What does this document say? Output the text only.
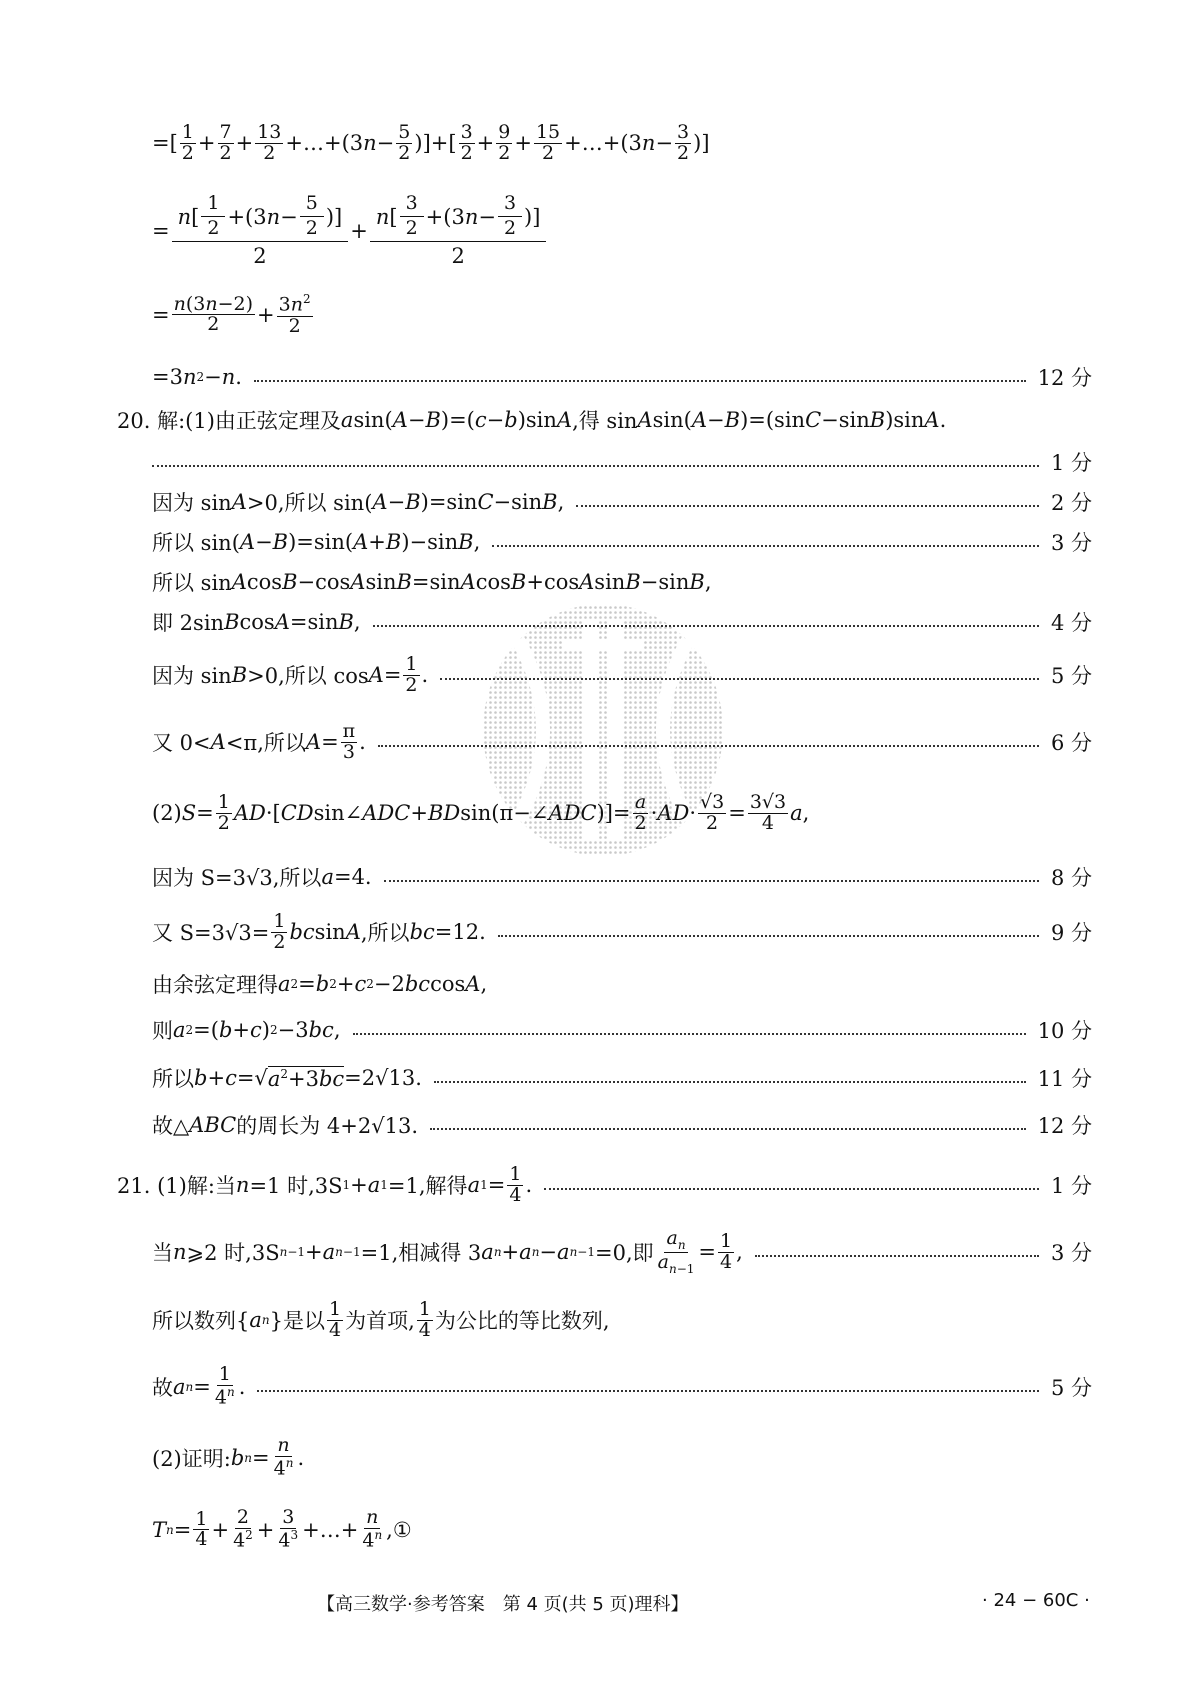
=[ $\frac{1}{2} + \frac{7}{2} + \frac{13}{2}$ +…+(3 $n - \frac{5}{2}$ )]+[ $\frac{3}{2} + \frac{9}{2} + \frac{15}{2}$ +…+(3 $n - \frac{3}{2}$ )]
= $\frac{n [ \frac{1}{2} +(3 n - \frac{5}{2} )]}{2} + \frac{n [ \frac{3}{2} +(3 n - \frac{3}{2} )]}{2}$
= $\frac{n(3n-2)}{2} + \frac{3n^2}{2}$
=3 n 2 − n .	12 分
20. 解:(1)由正弦定理及 a sin( A − B )=( c − b )sin A ,得 sin A sin( A − B )=(sin C −sin B )sin A .
1 分
因为 sin A >0,所以 sin( A − B )=sin C −sin B ,	2 分
所以 sin( A − B )=sin( A + B )−sin B ,	3 分
所以 sin A cos B −cos A sin B =sin A cos B +cos A sin B −sin B ,
即 2sin B cos A =sin B ,	4 分
因为 sin B >0,所以 $\cos A = \frac{1}{2}$ .	5 分
又 0< A <π,所以 $A = \frac{\pi}{3}$ .	6 分
(2) $S = \frac{1}{2}$ AD ·[ CD sin∠ ADC + BD sin(π−∠ ADC )]= $\frac{a}{2}$ · AD · $\frac{√3}{2} = \frac{3√3}{4}$ a ,
因为 S=3√3,所以 a =4.	8 分
又 $S=3√3= \frac{1}{2}$ bc sin A ,所以 bc =12.	9 分
由余弦定理得 a 2 = b 2 + c 2 −2 bc cos A ,
则 a 2 =( b + c ) 2 −3 bc ,	10 分
所以 b + c =√ $a^2+3bc =2√13$.	11 分
故△ ABC 的周长为 4+2√13.	12 分
21. (1)解:当 n =1 时,3S 1 + a 1 =1,解得 a $1 = \frac{1}{4}$ .	1 分
当 n ⩾2 时,3S n−1 + a n−1 =1,相减得 3 a n + a n − a n−1 =0,即 $\frac{a_n}{a_{n-1}} = \frac{1}{4}$ ,	3 分
所以数列{ a n }是以 $\frac{1}{4}$ 为首项, $\frac{1}{4}$ 为公比的等比数列,
故 a $n = \frac{1}{4^n}$ .	5 分
(2)证明: b $n = \frac{n}{4^n}$ .
T $n = \frac{1}{4} + \frac{2}{4^2} + \frac{3}{4^3}$ +…+ $\frac{n}{4^n}$ ,①
【高三数学·参考答案　第 4 页(共 5 页)理科】	· 24 − 60C ·
